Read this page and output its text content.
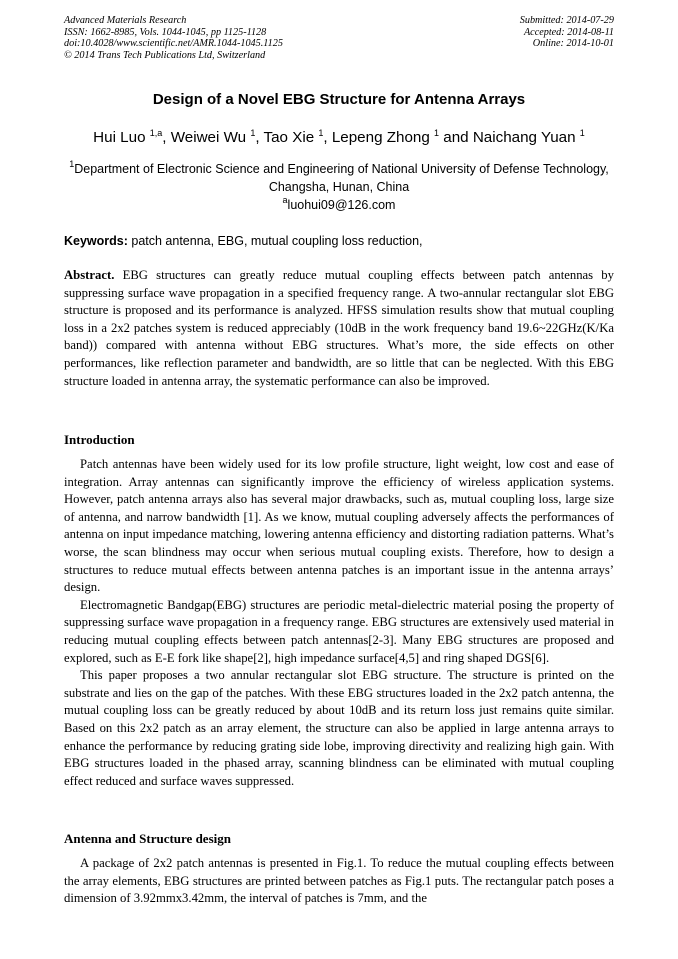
Advanced Materials Research
ISSN: 1662-8985, Vols. 1044-1045, pp 1125-1128
doi:10.4028/www.scientific.net/AMR.1044-1045.1125
© 2014 Trans Tech Publications Ltd, Switzerland
Submitted: 2014-07-29
Accepted: 2014-08-11
Online: 2014-10-01
Design of a Novel EBG Structure for Antenna Arrays
Hui Luo $^{1,a}$, Weiwei Wu $^1$, Tao Xie $^1$, Lepeng Zhong $^1$ and Naichang Yuan $^1$
$^1$Department of Electronic Science and Engineering of National University of Defense Technology,
Changsha, Hunan, China
$^a$luohui09@126.com
Keywords: patch antenna, EBG, mutual coupling loss reduction,

Abstract. EBG structures can greatly reduce mutual coupling effects between patch antennas by suppressing surface wave propagation in a specified frequency range. A two-annular rectangular slot EBG structure is proposed and its performance is analyzed. HFSS simulation results show that mutual coupling loss in a 2x2 patches system is reduced appreciably (10dB in the work frequency band 19.6~22GHz(K/Ka band)) compared with antenna without EBG structures. What’s more, the side effects on other performances, like reflection parameter and bandwidth, are so little that can be neglected. With this EBG structure loaded in antenna array, the systematic performance can also be improved.

Introduction

Patch antennas have been widely used for its low profile structure, light weight, low cost and ease of integration. Array antennas can significantly improve the efficiency of wireless application systems. However, patch antenna arrays also has several major drawbacks, such as, mutual coupling loss, large size of antenna, and narrow bandwidth [1]. As we know, mutual coupling adversely affects the performances of antenna on input impedance matching, lowering antenna efficiency and distorting radiation patterns. What’s worse, the scan blindness may occur when serious mutual coupling exists. Therefore, how to design a structures to reduce mutual effects between antenna patches is an important issue in the antenna arrays’ design.

Electromagnetic Bandgap(EBG) structures are periodic metal-dielectric material posing the property of suppressing surface wave propagation in a frequency range. EBG structures are extensively used material in reducing mutual coupling effects between patch antennas[2-3]. Many EBG structures are proposed and explored, such as E-E fork like shape[2], high impedance surface[4,5] and ring shaped DGS[6].

This paper proposes a two annular rectangular slot EBG structure. The structure is printed on the substrate and lies on the gap of the patches. With these EBG structures loaded in the 2x2 patch antenna, the mutual coupling loss can be greatly reduced by about 10dB and its return loss just remains quite similar. Based on this 2x2 patch as an array element, the structure can also be applied in large antenna arrays to enhance the performance by reducing grating side lobe, improving directivity and realizing high gain. With EBG structures loaded in the phased array, scanning blindness can be eliminated with mutual coupling effect reduced and surface waves suppressed.

Antenna and Structure design

A package of 2x2 patch antennas is presented in Fig.1. To reduce the mutual coupling effects between the array elements, EBG structures are printed between patches as Fig.1 puts. The rectangular patch poses a dimension of 3.92mmx3.42mm, the interval of patches is 7mm, and the
